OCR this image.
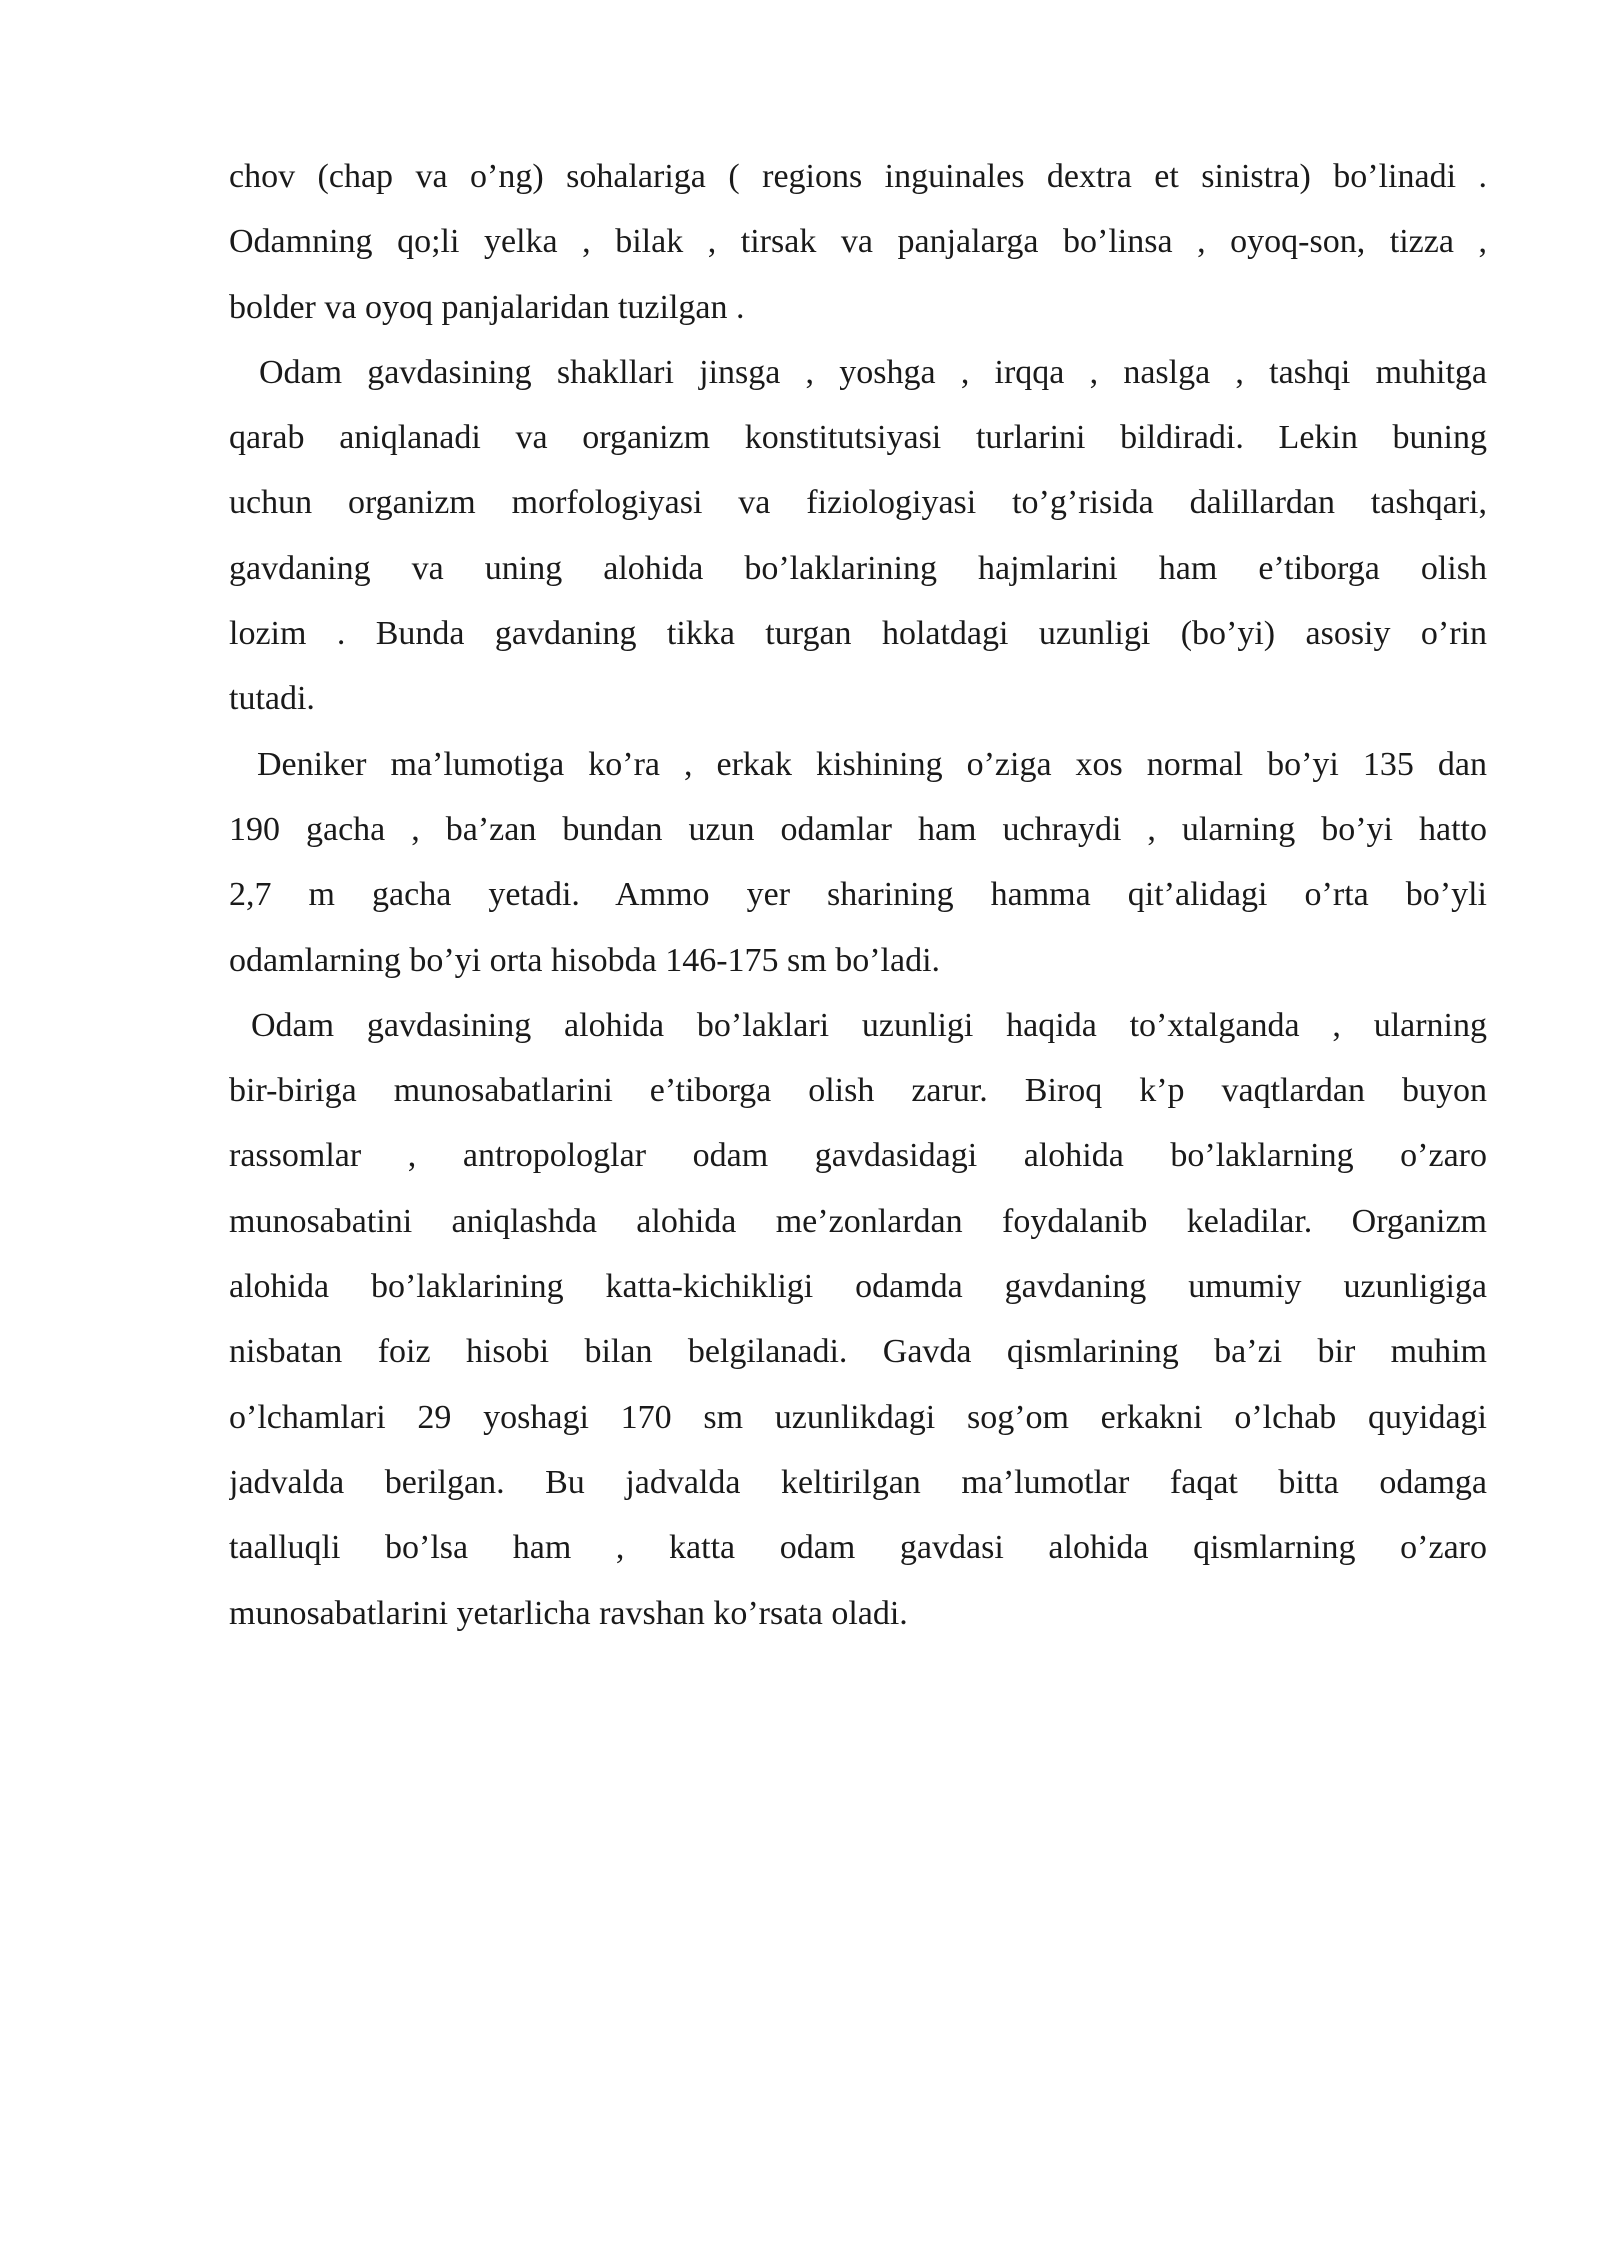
chov (chap va o’ng) sohalariga ( regions inguinales dextra et sinistra) bo’linadi .
Odamning qo;li yelka , bilak , tirsak va panjalarga bo’linsa , oyoq-son, tizza ,
bolder va oyoq panjalaridan tuzilgan .
Odam gavdasining shakllari jinsga , yoshga , irqqa , naslga , tashqi muhitga
qarab aniqlanadi va organizm konstitutsiyasi turlarini bildiradi. Lekin buning
uchun organizm morfologiyasi va fiziologiyasi to’g’risida dalillardan tashqari,
gavdaning va uning alohida bo’laklarining hajmlarini ham e’tiborga olish
lozim . Bunda gavdaning tikka turgan holatdagi uzunligi (bo’yi) asosiy o’rin
tutadi.
Deniker ma’lumotiga ko’ra , erkak kishining o’ziga xos normal bo’yi 135 dan
190 gacha , ba’zan bundan uzun odamlar ham uchraydi , ularning bo’yi hatto
2,7 m gacha yetadi. Ammo yer sharining hamma qit’alidagi o’rta bo’yli
odamlarning bo’yi orta hisobda 146-175 sm bo’ladi.
Odam gavdasining alohida bo’laklari uzunligi haqida to’xtalganda , ularning
bir-biriga munosabatlarini e’tiborga olish zarur. Biroq k’p vaqtlardan buyon
rassomlar , antropologlar odam gavdasidagi alohida bo’laklarning o’zaro
munosabatini aniqlashda alohida me’zonlardan foydalanib keladilar. Organizm
alohida bo’laklarining katta-kichikligi odamda gavdaning umumiy uzunligiga
nisbatan foiz hisobi bilan belgilanadi. Gavda qismlarining ba’zi bir muhim
o’lchamlari 29 yoshagi 170 sm uzunlikdagi sog’om erkakni o’lchab quyidagi
jadvalda berilgan. Bu jadvalda keltirilgan ma’lumotlar faqat bitta odamga
taalluqli bo’lsa ham , katta odam gavdasi alohida qismlarning o’zaro
munosabatlarini yetarlicha ravshan ko’rsata oladi.
